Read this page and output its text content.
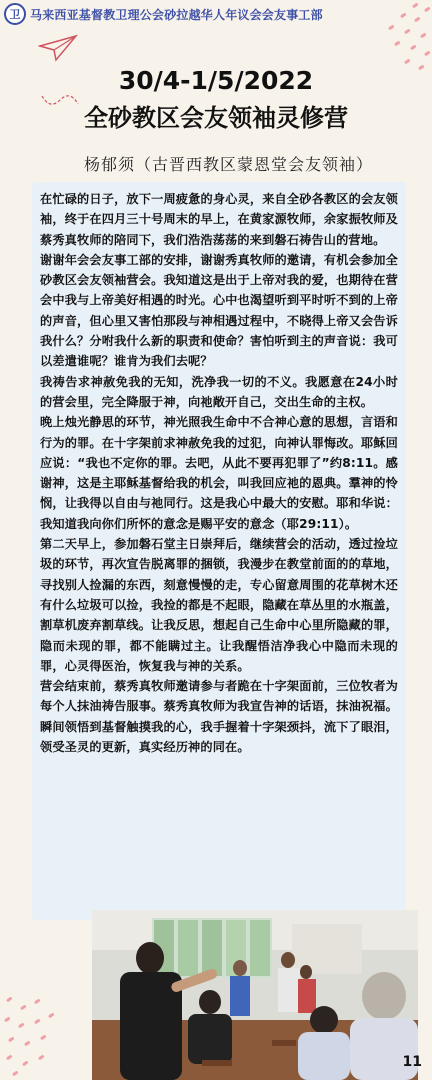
卫 马来西亚基督教卫理公会砂拉越华人年议会会友事工部
30/4-1/5/2022
全砂教区会友领袖灵修营
杨郁须（古晋西教区蒙恩堂会友领袖）

在忙碌的日子，放下一周疲惫的身心灵，来自全砂各教区的会友领袖，终于在四月三十号周末的早上，在黄家源牧师，余家振牧师及蔡秀真牧师的陪同下，我们浩浩荡荡的来到磐石祷告山的营地。

谢谢年会会友事工部的安排，谢谢秀真牧师的邀请，有机会参加全砂教区会友领袖营会。我知道这是出于上帝对我的爱，也期待在营会中我与上帝美好相遇的时光。心中也渴望听到平时听不到的上帝的声音，但心里又害怕那段与神相遇过程中，不晓得上帝又会告诉我什么？分咐我什么新的职责和使命？害怕听到主的声音说：我可以差遣谁呢？谁肯为我们去呢？

我祷告求神赦免我的无知，洗净我一切的不义。我愿意在24小时的营会里，完全降服于神，向祂敞开自己，交出生命的主权。

晚上烛光静思的环节，神光照我生命中不合神心意的思想，言语和行为的罪。在十字架前求神赦免我的过犯，向神认罪悔改。耶稣回应说：“我也不定你的罪。去吧，从此不要再犯罪了”约8:11。感谢神，这是主耶稣基督给我的机会，叫我回应祂的恩典。羣神的怜悯，让我得以自由与祂同行。这是我心中最大的安慰。耶和华说：我知道我向你们所怀的意念是赐平安的意念（耶29:11）。

第二天早上，参加磐石堂主日崇拜后，继续营会的活动，透过捡垃圾的环节，再次宣告脱离罪的捆锁，我漫步在教堂前面的的草地，寻找别人捡漏的东西，刻意慢慢的走，专心留意周围的花草树木还有什么垃圾可以捡，我捡的都是不起眼，隐藏在草丛里的水瓶盖，割草机废弃割草线。让我反思，想起自己生命中心里所隐藏的罪，隐而未现的罪，都不能瞒过主。让我醒悟洁净我心中隐而未现的罪，心灵得医治，恢复我与神的关系。

营会结束前，蔡秀真牧师邀请参与者跪在十字架面前，三位牧者为每个人抹油祷告服事。蔡秀真牧师为我宣告神的话语，抹油祝福。瞬间领悟到基督触摸我的心，我手握着十字架颈抖，流下了眼泪，领受圣灵的更新，真实经历神的同在。

11
